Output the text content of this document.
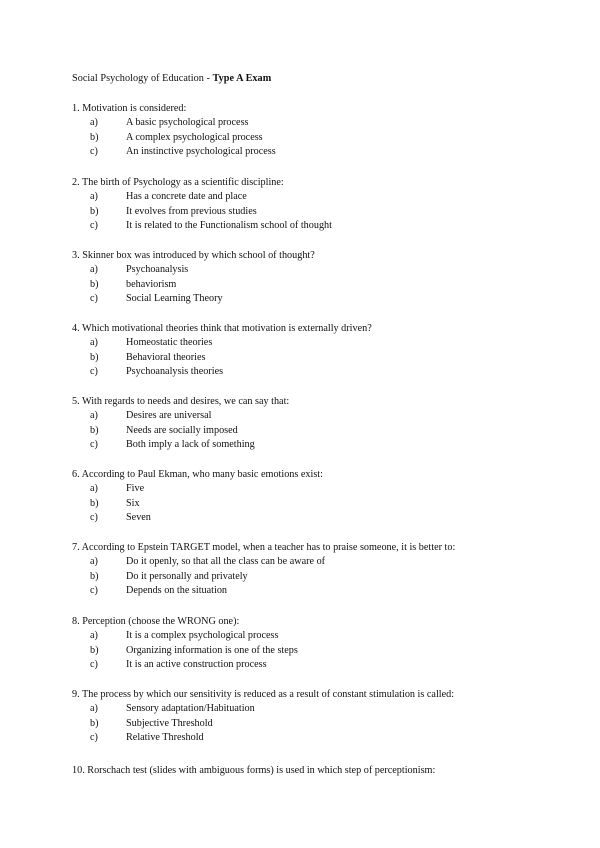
Social Psychology of Education - Type A Exam
1. Motivation is considered:
a)	A basic psychological process
b)	A complex psychological process
c)	An instinctive psychological process
2. The birth of Psychology as a scientific discipline:
a)	Has a concrete date and place
b)	It evolves from previous studies
c)	It is related to the Functionalism school of thought
3. Skinner box was introduced by which school of thought?
a)	Psychoanalysis
b)	behaviorism
c)	Social Learning Theory
4. Which motivational theories think that motivation is externally driven?
a)	Homeostatic theories
b)	Behavioral theories
c)	Psychoanalysis theories
5. With regards to needs and desires, we can say that:
a)	Desires are universal
b)	Needs are socially imposed
c)	Both imply a lack of something
6. According to Paul Ekman, who many basic emotions exist:
a)	Five
b)	Six
c)	Seven
7. According to Epstein TARGET model, when a teacher has to praise someone, it is better to:
a)	Do it openly, so that all the class can be aware of
b)	Do it personally and privately
c)	Depends on the situation
8. Perception (choose the WRONG one):
a)	It is a complex psychological process
b)	Organizing information is one of the steps
c)	It is an active construction process
9. The process by which our sensitivity is reduced as a result of constant stimulation is called:
a)	Sensory adaptation/Habituation
b)	Subjective Threshold
c)	Relative Threshold
10. Rorschach test (slides with ambiguous forms) is used in which step of perceptionism:
